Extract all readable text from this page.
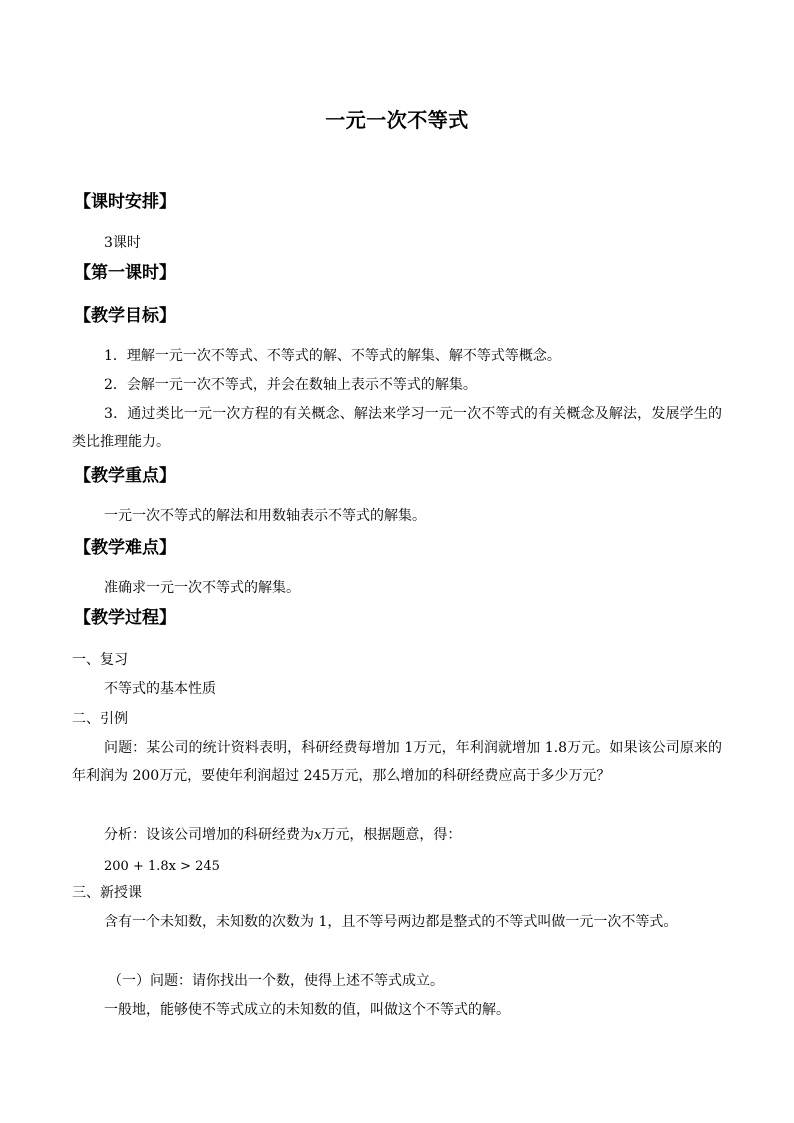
一元一次不等式
【课时安排】
3课时
【第一课时】
【教学目标】
1．理解一元一次不等式、不等式的解、不等式的解集、解不等式等概念。
2．会解一元一次不等式，并会在数轴上表示不等式的解集。
3．通过类比一元一次方程的有关概念、解法来学习一元一次不等式的有关概念及解法，发展学生的类比推理能力。
【教学重点】
一元一次不等式的解法和用数轴表示不等式的解集。
【教学难点】
准确求一元一次不等式的解集。
【教学过程】
一、复习
不等式的基本性质
二、引例
问题：某公司的统计资料表明，科研经费每增加 1万元，年利润就增加 1.8万元。如果该公司原来的年利润为 200万元，要使年利润超过 245万元，那么增加的科研经费应高于多少万元？
分析：设该公司增加的科研经费为x万元，根据题意，得：
200 + 1.8x > 245
三、新授课
含有一个未知数，未知数的次数为 1，且不等号两边都是整式的不等式叫做一元一次不等式。
（一）问题：请你找出一个数，使得上述不等式成立。
一般地，能够使不等式成立的未知数的值，叫做这个不等式的解。
